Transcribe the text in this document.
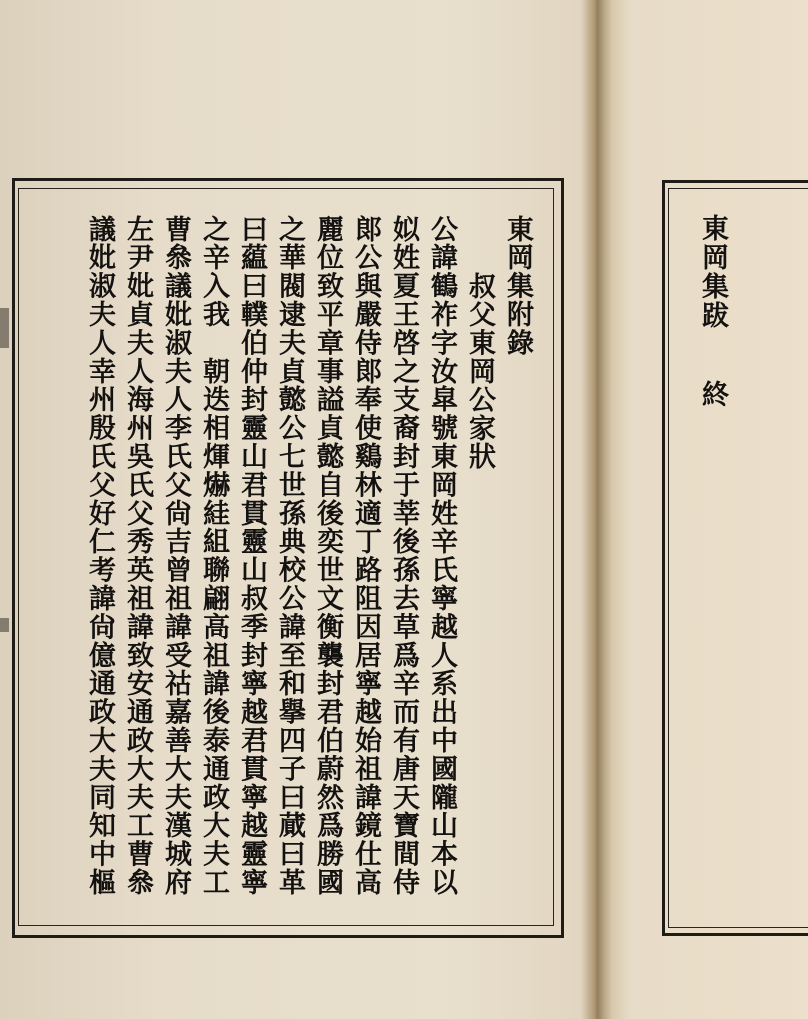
東岡集附錄
叔父東岡公家狀
公諱鶴祚字汝皐號東岡姓辛氏寧越人系出中國隴山本以
姒姓夏王啓之支裔封于莘後孫去草爲辛而有唐天寶間侍
郞公與嚴侍郞奉使鷄林適丁路阻因居寧越始祖諱鏡仕高
麗位致平章事謚貞懿自後奕世文衡襲封君伯蔚然爲勝國
之華閥逮夫貞懿公七世孫典校公諱至和擧四子曰蕆曰革
曰藴曰轐伯仲封靈山君貫靈山叔季封寧越君貫寧越靈寧
之辛入我　朝迭相煇爀絓組聯翩高祖諱後泰通政大夫工
曹叅議妣淑夫人李氏父尙吉曾祖諱受祜嘉善大夫漢城府
左尹妣貞夫人海州吳氏父秀英祖諱致安通政大夫工曹叅
議妣淑夫人幸州殷氏父好仁考諱尙億通政大夫同知中樞	東岡集跋終
